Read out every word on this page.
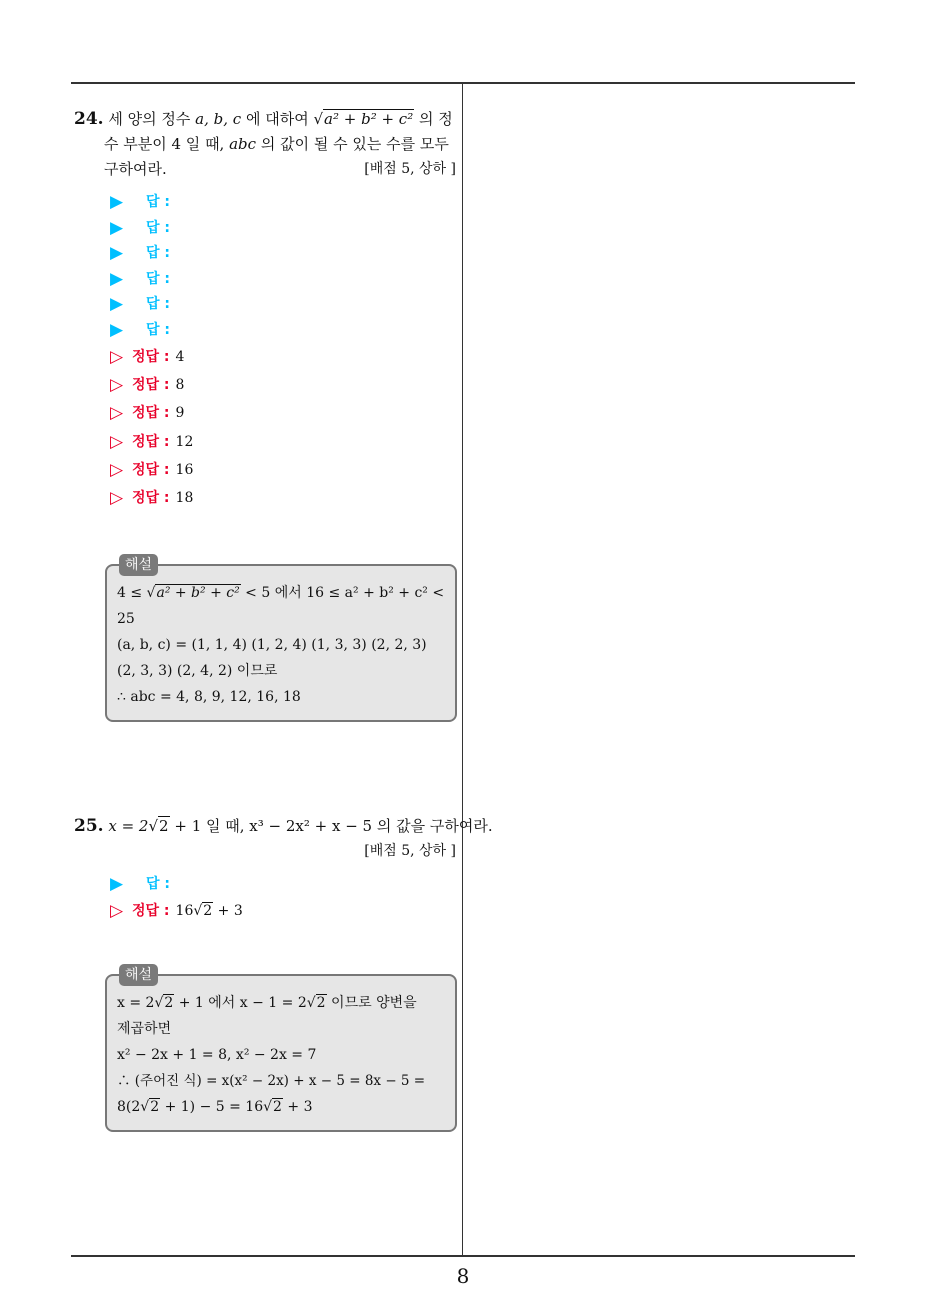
24. 세 양의 정수 a, b, c 에 대하여 √a² + b² + c² 의 정
수 부분이 4 일 때, abc 의 값이 될 수 있는 수를 모두
구하여라.	[배점 5, 상하 ]
▶	답 :
▶	답 :
▶	답 :
▶	답 :
▶	답 :
▶	답 :
▷ 정답 : 4
▷ 정답 : 8
▷ 정답 : 9
▷ 정답 : 12
▷ 정답 : 16
▷ 정답 : 18
해설
4 ≤ √a² + b² + c² < 5 에서 16 ≤ a² + b² + c² <
25
(a, b, c) = (1, 1, 4) (1, 2, 4) (1, 3, 3) (2, 2, 3)
(2, 3, 3) (2, 4, 2) 이므로
∴ abc = 4, 8, 9, 12, 16, 18
25. x = 2√2 + 1 일 때, x³ − 2x² + x − 5 의 값을 구하여라.
[배점 5, 상하 ]
▶	답 :
▷ 정답 : 16 √2
+ 3
해설
x = 2√2 + 1 에서 x − 1 = 2√2 이므로 양변을
제곱하면
x² − 2x + 1 = 8, x² − 2x = 7
∴ (주어진 식) = x(x² − 2x) + x − 5 = 8x − 5 =
8(2√2 + 1) − 5 = 16√2 + 3
8
